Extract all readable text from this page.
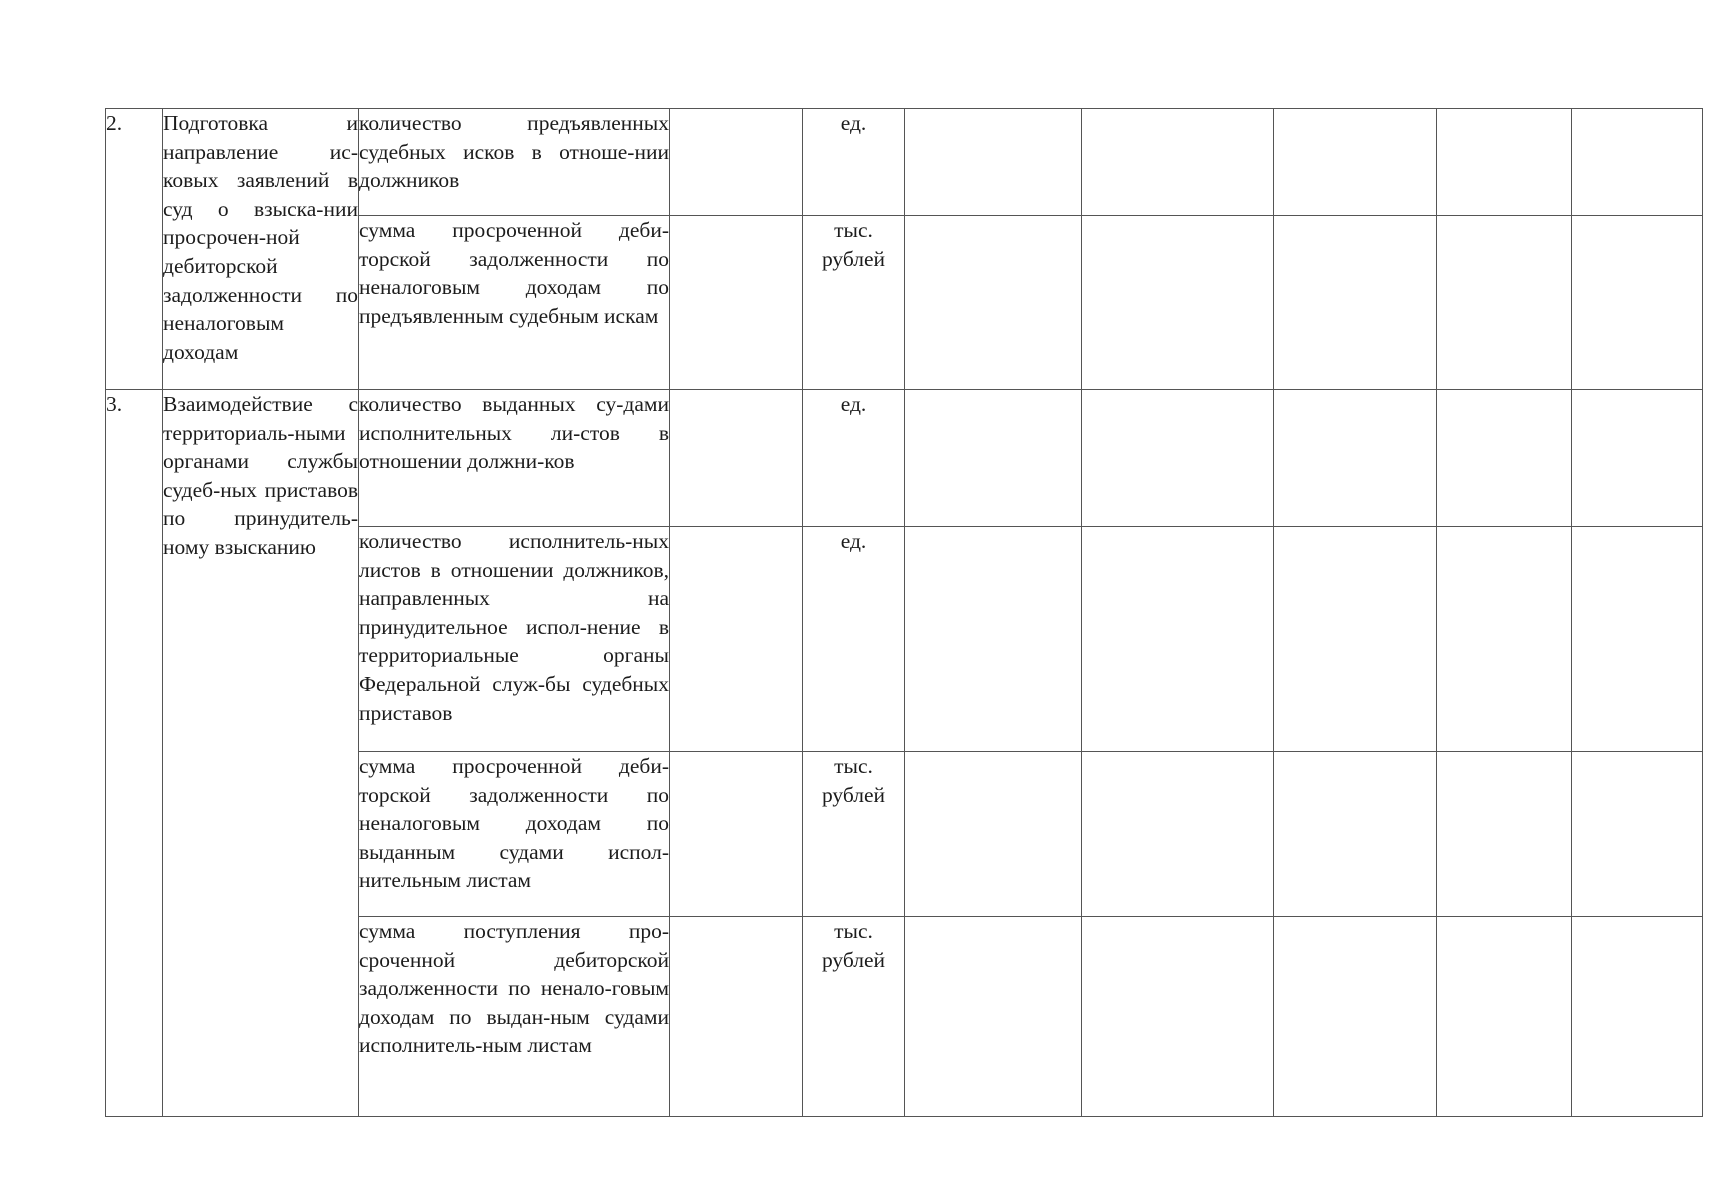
2.	Подготовка и направление ис-ковых заявлений в суд о взыска-нии просрочен-ной дебиторской задолженности по неналоговым доходам	количество предъявленных судебных исков в отноше-нии должников		ед.					
		сумма просроченной деби-торской задолженности по неналоговым доходам по предъявленным судебным искам		тыс. рублей					
3.	Взаимодействие с территориаль-ными органами службы судеб-ных приставов по принудитель-ному взысканию	количество выданных су-дами исполнительных ли-стов в отношении должни-ков		ед.					
		количество исполнитель-ных листов в отношении должников, направленных на принудительное испол-нение в территориальные органы Федеральной служ-бы судебных приставов		ед.					
		сумма просроченной деби-торской задолженности по неналоговым доходам по выданным судами испол-нительным листам		тыс. рублей					
		сумма поступления про-сроченной дебиторской задолженности по ненало-говым доходам по выдан-ным судами исполнитель-ным листам		тыс. рублей					
